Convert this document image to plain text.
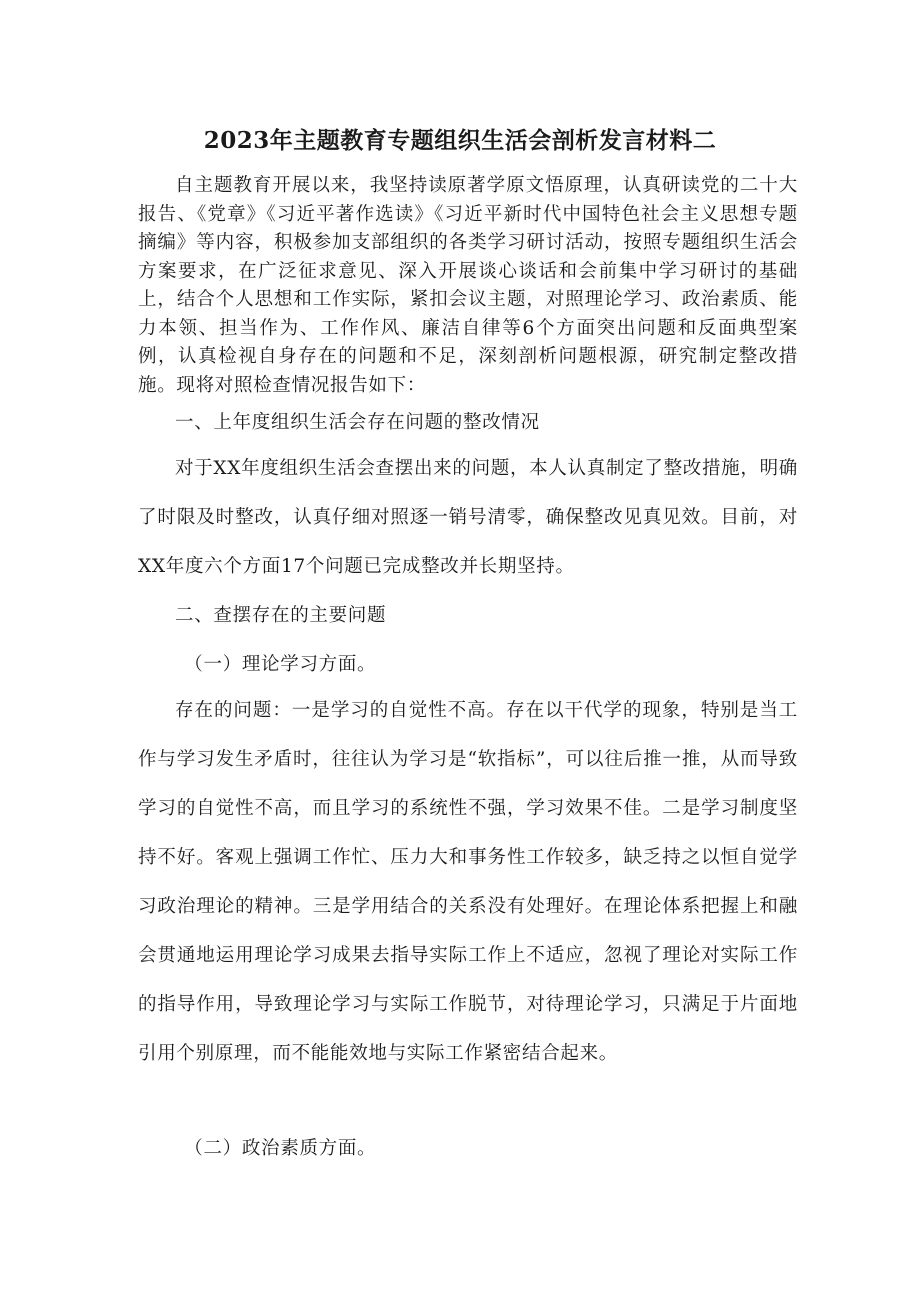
2023年主题教育专题组织生活会剖析发言材料二
自主题教育开展以来，我坚持读原著学原文悟原理，认真研读党的二十大报告、《党章》《习近平著作选读》《习近平新时代中国特色社会主义思想专题摘编》等内容，积极参加支部组织的各类学习研讨活动，按照专题组织生活会方案要求，在广泛征求意见、深入开展谈心谈话和会前集中学习研讨的基础上，结合个人思想和工作实际，紧扣会议主题，对照理论学习、政治素质、能力本领、担当作为、工作作风、廉洁自律等6个方面突出问题和反面典型案例，认真检视自身存在的问题和不足，深刻剖析问题根源，研究制定整改措施。现将对照检查情况报告如下：
一、上年度组织生活会存在问题的整改情况
对于XX年度组织生活会查摆出来的问题，本人认真制定了整改措施，明确了时限及时整改，认真仔细对照逐一销号清零，确保整改见真见效。目前，对XX年度六个方面17个问题已完成整改并长期坚持。
二、查摆存在的主要问题
（一）理论学习方面。
存在的问题：一是学习的自觉性不高。存在以干代学的现象，特别是当工作与学习发生矛盾时，往往认为学习是“软指标”，可以往后推一推，从而导致学习的自觉性不高，而且学习的系统性不强，学习效果不佳。二是学习制度坚持不好。客观上强调工作忙、压力大和事务性工作较多，缺乏持之以恒自觉学习政治理论的精神。三是学用结合的关系没有处理好。在理论体系把握上和融会贯通地运用理论学习成果去指导实际工作上不适应，忽视了理论对实际工作的指导作用，导致理论学习与实际工作脱节，对待理论学习，只满足于片面地引用个别原理，而不能能效地与实际工作紧密结合起来。
（二）政治素质方面。
